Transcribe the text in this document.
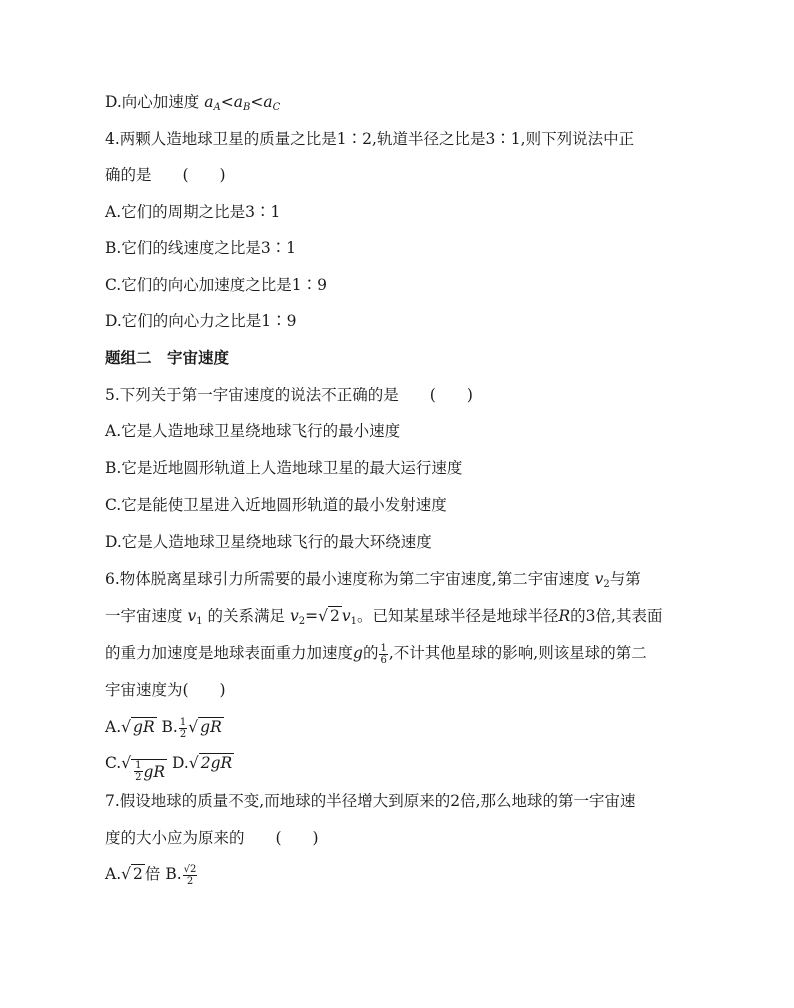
D.向心加速度 $a_A<a_B<a_C$
4.两颗人造地球卫星的质量之比是1∶2,轨道半径之比是3∶1,则下列说法中正
确的是　　(　　)
A.它们的周期之比是3∶1
B.它们的线速度之比是3∶1
C.它们的向心加速度之比是1∶9
D.它们的向心力之比是1∶9
题组二　宇宙速度
5.下列关于第一宇宙速度的说法不正确的是　　(　　)
A.它是人造地球卫星绕地球飞行的最小速度
B.它是近地圆形轨道上人造地球卫星的最大运行速度
C.它是能使卫星进入近地圆形轨道的最小发射速度
D.它是人造地球卫星绕地球飞行的最大环绕速度
6.物体脱离星球引力所需要的最小速度称为第二宇宙速度,第二宇宙速度 v2与第
一宇宙速度 v1 的关系满足 v2=√ 2 v1。已知某星球半径是地球半径R的3倍,其表面
的重力加速度是地球表面重力加速度g的 $\frac{1}{6}$ ,不计其他星球的影响,则该星球的第二
宇宙速度为(　　)
A.√ gR B. $\frac{1}{2}$ √ gR
$C.√ \frac{1}{2}$ gR D.√ 2gR
7.假设地球的质量不变,而地球的半径增大到原来的2倍,那么地球的第一宇宙速
度的大小应为原来的　　(　　)
A.√ 2 倍 B. $\frac{√2}{2}$
